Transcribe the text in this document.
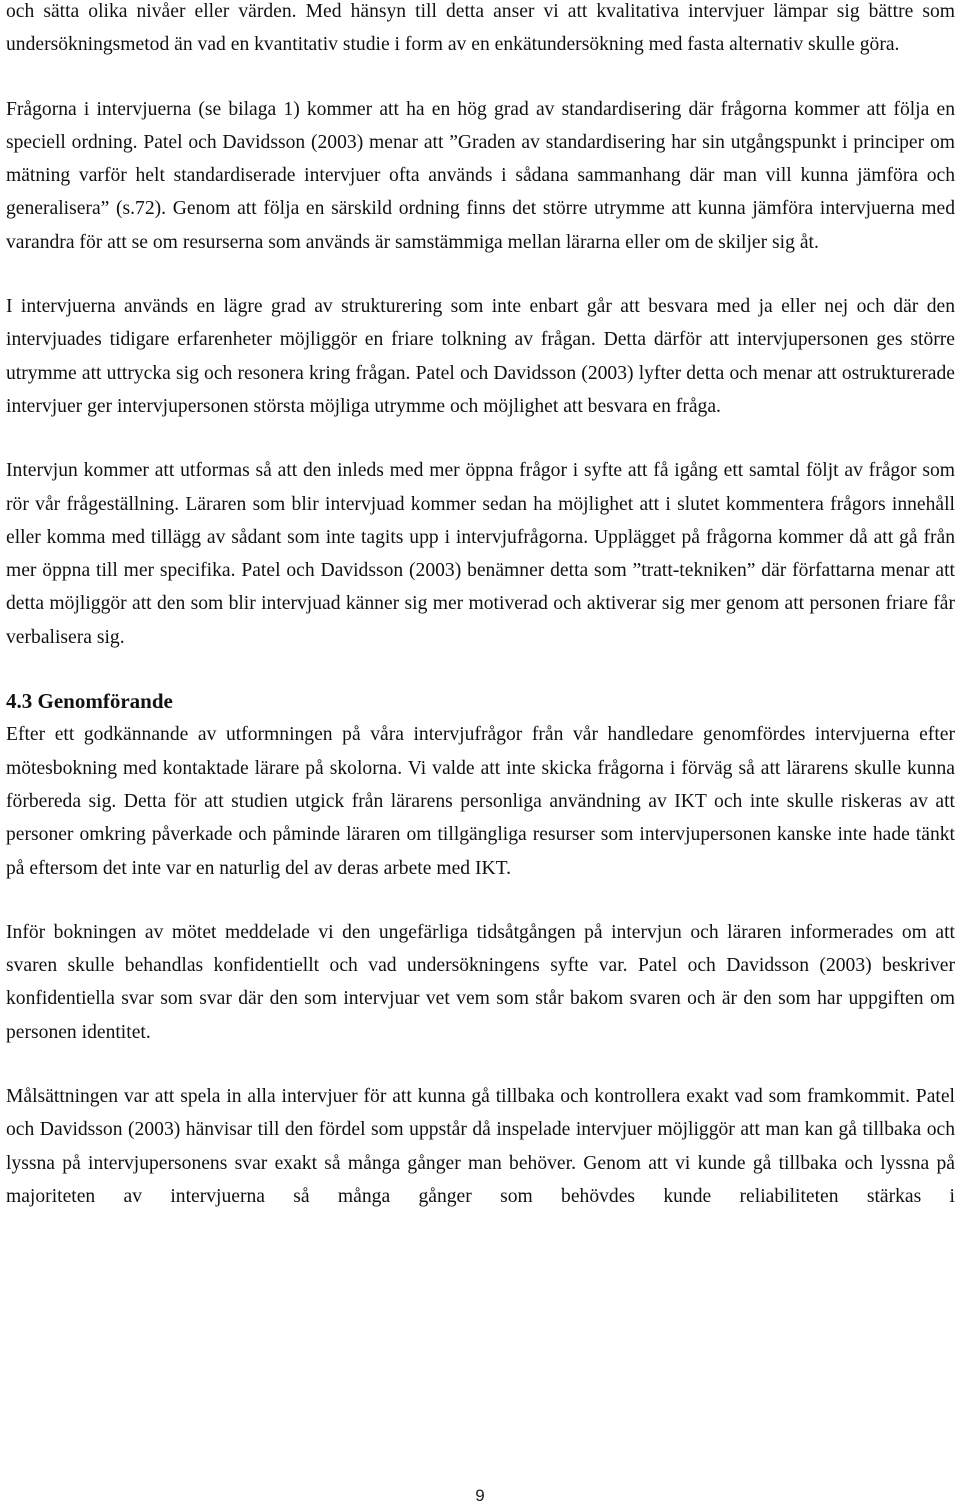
och sätta olika nivåer eller värden. Med hänsyn till detta anser vi att kvalitativa intervjuer lämpar sig bättre som undersökningsmetod än vad en kvantitativ studie i form av en enkätundersökning med fasta alternativ skulle göra.

Frågorna i intervjuerna (se bilaga 1) kommer att ha en hög grad av standardisering där frågorna kommer att följa en speciell ordning. Patel och Davidsson (2003) menar att ”Graden av standardisering har sin utgångspunkt i principer om mätning varför helt standardiserade intervjuer ofta används i sådana sammanhang där man vill kunna jämföra och generalisera” (s.72). Genom att följa en särskild ordning finns det större utrymme att kunna jämföra intervjuerna med varandra för att se om resurserna som används är samstämmiga mellan lärarna eller om de skiljer sig åt.

I intervjuerna används en lägre grad av strukturering som inte enbart går att besvara med ja eller nej och där den intervjuades tidigare erfarenheter möjliggör en friare tolkning av frågan. Detta därför att intervjupersonen ges större utrymme att uttrycka sig och resonera kring frågan. Patel och Davidsson (2003) lyfter detta och menar att ostrukturerade intervjuer ger intervjupersonen största möjliga utrymme och möjlighet att besvara en fråga.

Intervjun kommer att utformas så att den inleds med mer öppna frågor i syfte att få igång ett samtal följt av frågor som rör vår frågeställning. Läraren som blir intervjuad kommer sedan ha möjlighet att i slutet kommentera frågors innehåll eller komma med tillägg av sådant som inte tagits upp i intervjufrågorna. Upplägget på frågorna kommer då att gå från mer öppna till mer specifika. Patel och Davidsson (2003) benämner detta som ”tratt-tekniken” där författarna menar att detta möjliggör att den som blir intervjuad känner sig mer motiverad och aktiverar sig mer genom att personen friare får verbalisera sig.

4.3 Genomförande

Efter ett godkännande av utformningen på våra intervjufrågor från vår handledare genomfördes intervjuerna efter mötesbokning med kontaktade lärare på skolorna. Vi valde att inte skicka frågorna i förväg så att lärarens skulle kunna förbereda sig. Detta för att studien utgick från lärarens personliga användning av IKT och inte skulle riskeras av att personer omkring påverkade och påminde läraren om tillgängliga resurser som intervjupersonen kanske inte hade tänkt på eftersom det inte var en naturlig del av deras arbete med IKT.

Inför bokningen av mötet meddelade vi den ungefärliga tidsåtgången på intervjun och läraren informerades om att svaren skulle behandlas konfidentiellt och vad undersökningens syfte var. Patel och Davidsson (2003) beskriver konfidentiella svar som svar där den som intervjuar vet vem som står bakom svaren och är den som har uppgiften om personen identitet.

Målsättningen var att spela in alla intervjuer för att kunna gå tillbaka och kontrollera exakt vad som framkommit. Patel och Davidsson (2003) hänvisar till den fördel som uppstår då inspelade intervjuer möjliggör att man kan gå tillbaka och lyssna på intervjupersonens svar exakt så många gånger man behöver. Genom att vi kunde gå tillbaka och lyssna på majoriteten av intervjuerna så många gånger som behövdes kunde reliabiliteten stärkas i

9
